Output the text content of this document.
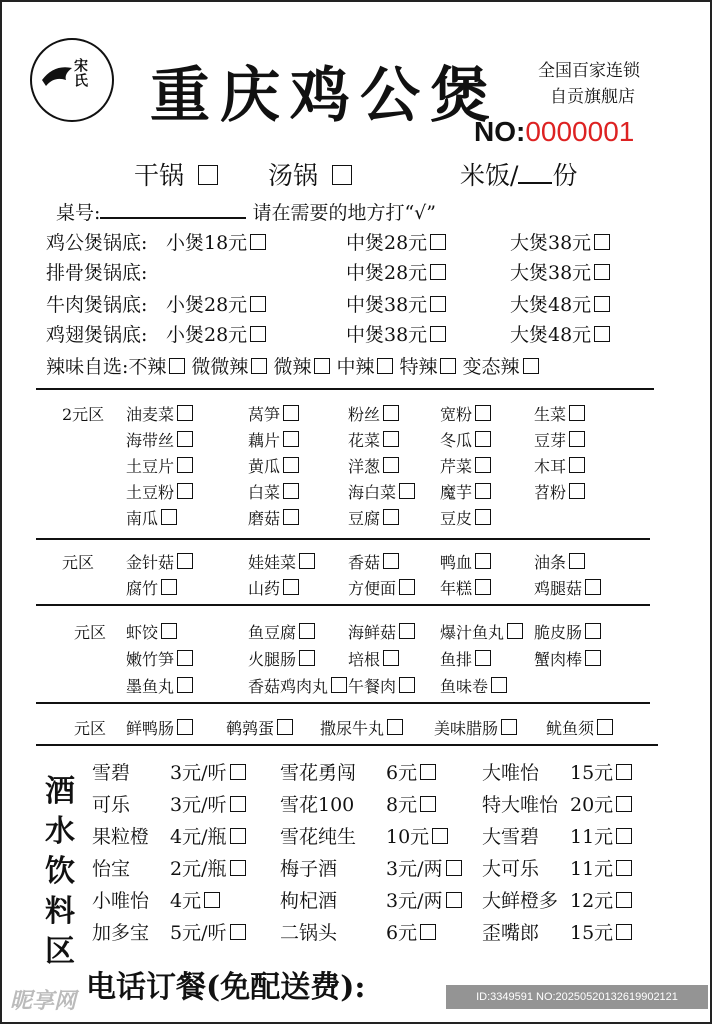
宋氏 重庆鸡公煲 全国百家连锁
自贡旗舰店
NO:0000001
干锅	汤锅	米饭/ 份
桌号:	请在需要的地方打“√”
鸡公煲锅底: 小煲18元	中煲28元	大煲38元
排骨煲锅底:	中煲28元	大煲38元
牛肉煲锅底: 小煲28元	中煲38元	大煲48元
鸡翅煲锅底: 小煲28元	中煲38元	大煲48元
辣味自选:不辣 微微辣 微辣 中辣 特辣 变态辣
2元区 油麦菜	莴笋	粉丝	宽粉	生菜
海带丝	藕片	花菜	冬瓜	豆芽
土豆片	黄瓜	洋葱	芹菜	木耳
土豆粉	白菜	海白菜	魔芋	苕粉
南瓜	磨菇	豆腐	豆皮
元区 金针菇	娃娃菜	香菇	鸭血	油条
腐竹	山药	方便面	年糕	鸡腿菇
元区 虾饺	鱼豆腐	海鲜菇	爆汁鱼丸	脆皮肠
嫩竹笋	火腿肠	培根	鱼排	蟹肉棒
墨鱼丸	香菇鸡肉丸	午餐肉	鱼味卷
元区 鲜鸭肠	鹌鹑蛋	撒尿牛丸	美味腊肠	鱿鱼须
酒水饮料区
雪碧 3元/听	雪花勇闯 6元	大唯怡 15元
可乐 3元/听	雪花100 8元	特大唯怡 20元
果粒橙 4元/瓶	雪花纯生 10元	大雪碧 11元
怡宝 2元/瓶	梅子酒	3元/两	大可乐 11元
小唯怡 4元	枸杞酒	3元/两	大鲜橙多 12元
加多宝 5元/听	二锅头	6元	歪嘴郎 15元
电话订餐(免配送费):
昵享网	ID:3349591 NO:20250520132619902121
